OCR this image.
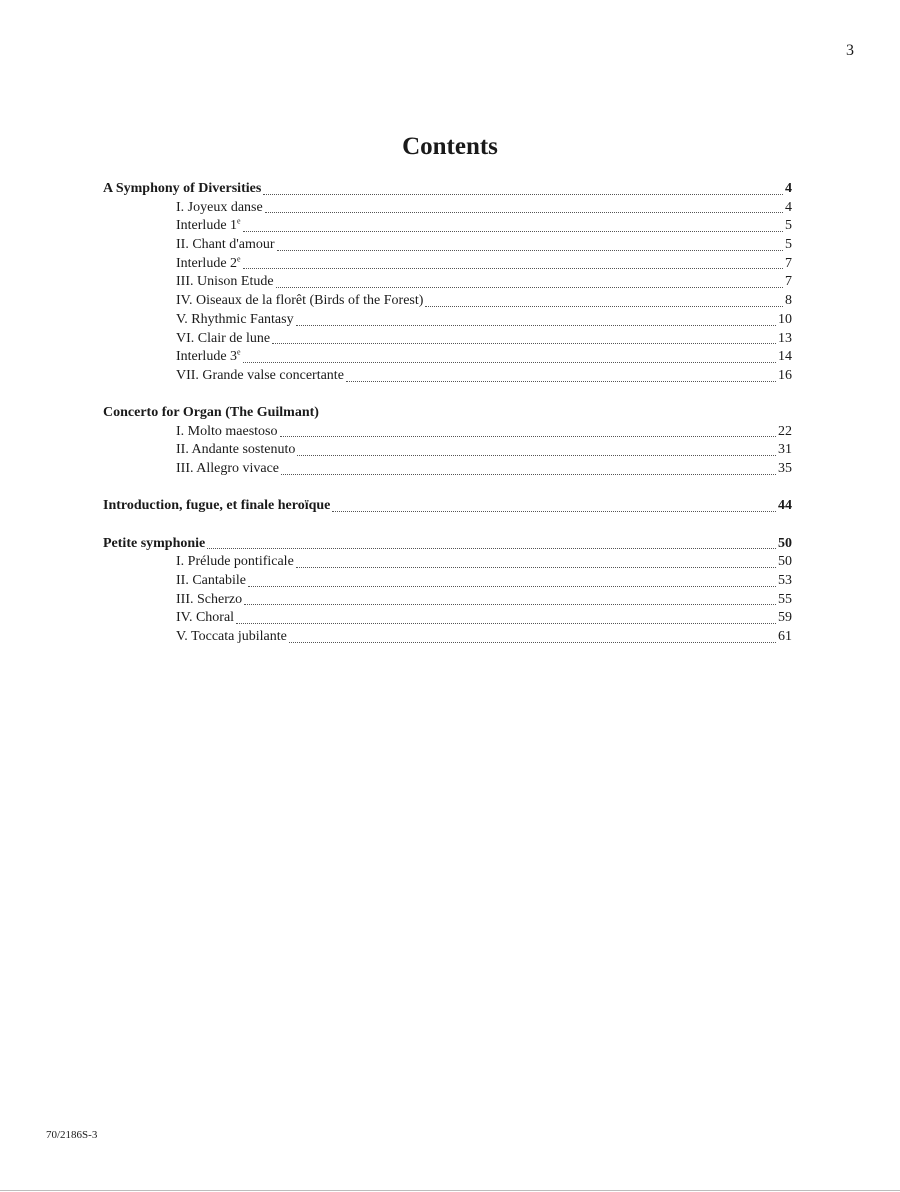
3
Contents
A Symphony of Diversities	4
I. Joyeux danse	4
Interlude 1e	5
II. Chant d'amour	5
Interlude 2e	7
III. Unison Etude	7
IV. Oiseaux de la florêt (Birds of the Forest)	8
V. Rhythmic Fantasy	10
VI. Clair de lune	13
Interlude 3e	14
VII. Grande valse concertante	16
Concerto for Organ (The Guilmant)
I. Molto maestoso	22
II. Andante sostenuto	31
III. Allegro vivace	35
Introduction, fugue, et finale heroïque	44
Petite symphonie	50
I. Prélude pontificale	50
II. Cantabile	53
III. Scherzo	55
IV. Choral	59
V. Toccata jubilante	61
70/2186S-3
